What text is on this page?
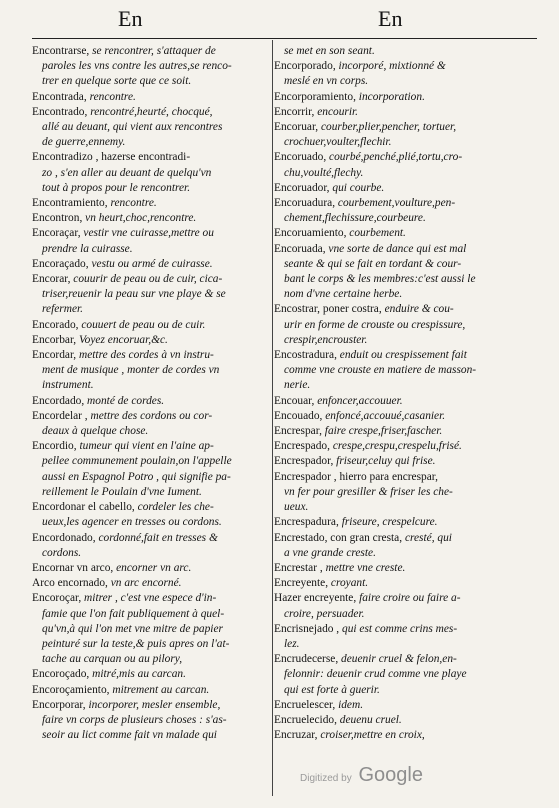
En	En
Encontrarse, se rencontrer, s'attaquer de
paroles les vns contre les autres,se renco-
trer en quelque sorte que ce soit.
Encontrada, rencontre.
Encontrado, rencontré,heurté, chocqué,
allé au deuant, qui vient aux rencontres
de guerre,ennemy.
Encontradizo , hazerse encontradi-
zo , s'en aller au deuant de quelqu'vn
tout à propos pour le rencontrer.
Encontramiento, rencontre.
Encontron, vn heurt,choc,rencontre.
Encoraçar, vestir vne cuirasse,mettre ou
prendre la cuirasse.
Encoraçado, vestu ou armé de cuirasse.
Encorar, couurir de peau ou de cuir, cica-
triser,reuenir la peau sur vne playe & se
refermer.
Encorado, couuert de peau ou de cuir.
Encorbar, Voyez encoruar,&c.
Encordar, mettre des cordes à vn instru-
ment de musique , monter de cordes vn
instrument.
Encordado, monté de cordes.
Encordelar , mettre des cordons ou cor-
deaux à quelque chose.
Encordio, tumeur qui vient en l'aine ap-
pellee communement poulain,on l'appelle
aussi en Espagnol Potro , qui signifie pa-
reillement le Poulain d'vne Iument.
Encordonar el cabello, cordeler les che-
ueux,les agencer en tresses ou cordons.
Encordonado, cordonné,fait en tresses &
cordons.
Encornar vn arco, encorner vn arc.
Arco encornado, vn arc encorné.
Encoroçar, mitrer , c'est vne espece d'in-
famie que l'on fait publiquement à quel-
qu'vn,à qui l'on met vne mitre de papier
peinturé sur la teste,& puis apres on l'at-
tache au carquan ou au pilory,
Encoroçado, mitré,mis au carcan.
Encoroçamiento, mitrement au carcan.
Encorporar, incorporer, mesler ensemble,
faire vn corps de plusieurs choses : s'as-
seoir au lict comme fait vn malade qui
se met en son seant.
Encorporado, incorporé, mixtionné &
meslé en vn corps.
Encorporamiento, incorporation.
Encorrir, encourir.
Encoruar, courber,plier,pencher, tortuer,
crochuer,voulter,flechir.
Encoruado, courbé,penché,plié,tortu,cro-
chu,voulté,flechy.
Encoruador, qui courbe.
Encoruadura, courbement,voulture,pen-
chement,flechissure,courbeure.
Encoruamiento, courbement.
Encoruada, vne sorte de dance qui est mal
seante & qui se fait en tordant & cour-
bant le corps & les membres:c'est aussi le
nom d'vne certaine herbe.
Encostrar, poner costra, enduire & cou-
urir en forme de crouste ou crespissure,
crespir,encrouster.
Encostradura, enduit ou crespissement fait
comme vne crouste en matiere de masson-
nerie.
Encouar, enfoncer,accouuer.
Encouado, enfoncé,accouué,casanier.
Encrespar, faire crespe,friser,fascher.
Encrespado, crespe,crespu,crespelu,frisé.
Encrespador, friseur,celuy qui frise.
Encrespador , hierro para encrespar,
vn fer pour gresiller & friser les che-
ueux.
Encrespadura, friseure, crespelcure.
Encrestado, con gran cresta, cresté, qui
a vne grande creste.
Encrestar , mettre vne creste.
Encreyente, croyant.
Hazer encreyente, faire croire ou faire a-
croire, persuader.
Encrisnejado , qui est comme crins mes-
lez.
Encrudecerse, deuenir cruel & felon,en-
felonnir: deuenir crud comme vne playe
qui est forte à guerir.
Encruelescer, idem.
Encruelecido, deuenu cruel.
Encruzar, croiser,mettre en croix,
Digitized by Google
